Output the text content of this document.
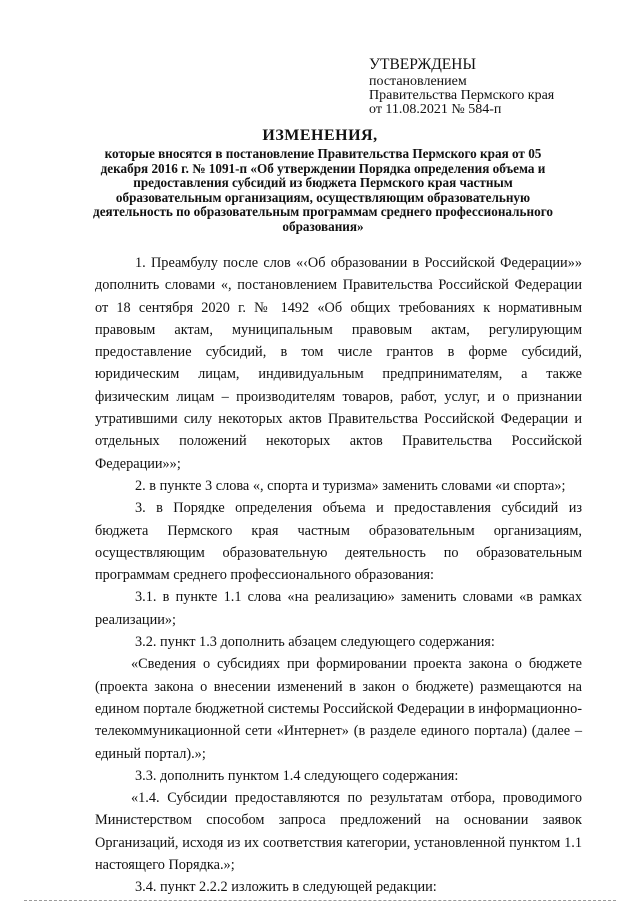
УТВЕРЖДЕНЫ
постановлением
Правительства Пермского края
от 11.08.2021 № 584-п
ИЗМЕНЕНИЯ,
которые вносятся в постановление Правительства Пермского края от 05 декабря 2016 г. № 1091-п «Об утверждении Порядка определения объема и предоставления субсидий из бюджета Пермского края частным образовательным организациям, осуществляющим образовательную деятельность по образовательным программам среднего профессионального образования»

1. Преамбулу после слов «‹Об образовании в Российской Федерации»» дополнить словами «, постановлением Правительства Российской Федерации от 18 сентября 2020 г. № 1492 «Об общих требованиях к нормативным правовым актам, муниципальным правовым актам, регулирующим предоставление субсидий, в том числе грантов в форме субсидий, юридическим лицам, индивидуальным предпринимателям, а также физическим лицам – производителям товаров, работ, услуг, и о признании утратившими силу некоторых актов Правительства Российской Федерации и отдельных положений некоторых актов Правительства Российской Федерации»»;

2. в пункте 3 слова «, спорта и туризма» заменить словами «и спорта»;

3. в Порядке определения объема и предоставления субсидий из бюджета Пермского края частным образовательным организациям, осуществляющим образовательную деятельность по образовательным программам среднего профессионального образования:

3.1. в пункте 1.1 слова «на реализацию» заменить словами «в рамках реализации»;

3.2. пункт 1.3 дополнить абзацем следующего содержания:

«Сведения о субсидиях при формировании проекта закона о бюджете (проекта закона о внесении изменений в закон о бюджете) размещаются на едином портале бюджетной системы Российской Федерации в информационно-телекоммуникационной сети «Интернет» (в разделе единого портала) (далее – единый портал).»;

3.3. дополнить пунктом 1.4 следующего содержания:

«1.4. Субсидии предоставляются по результатам отбора, проводимого Министерством способом запроса предложений на основании заявок Организаций, исходя из их соответствия категории, установленной пунктом 1.1 настоящего Порядка.»;

3.4. пункт 2.2.2 изложить в следующей редакции:
